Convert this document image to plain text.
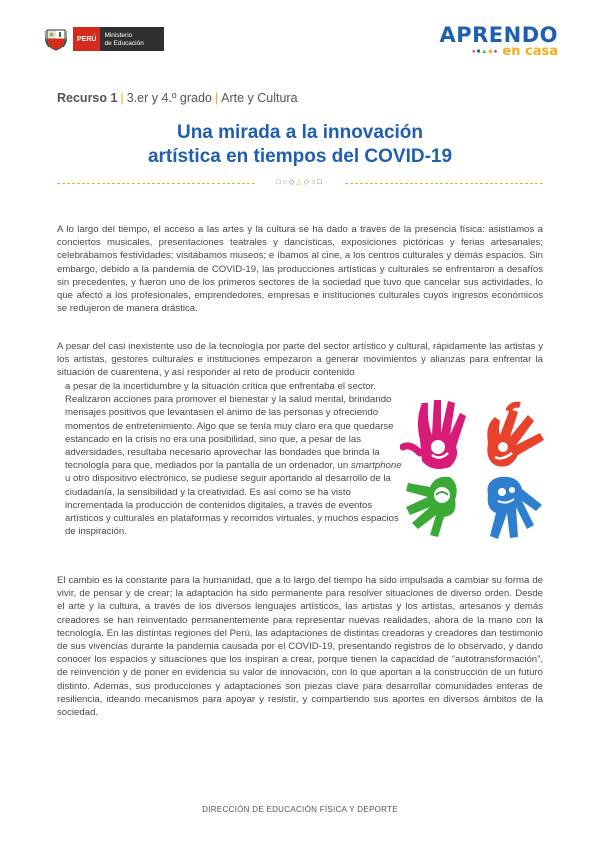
PERÚ	Ministerio
de Educación	APRENDO
●■▲◆● en casa
Recurso 1 | 3.er y 4.º grado | Arte y Cultura
Una mirada a la innovación
artística en tiempos del COVID-19
□○◇△◇○□

A lo largo del tiempo, el acceso a las artes y la cultura se ha dado a través de la presencia física: asistíamos a conciertos musicales, presentaciones teatrales y dancísticas, exposiciones pictóricas y ferias artesanales; celebrábamos festividades; visitábamos museos; e íbamos al cine, a los centros culturales y demás espacios. Sin embargo, debido a la pandemia de COVID-19, las producciones artísticas y culturales se enfrentaron a desafíos sin precedentes, y fueron uno de los primeros sectores de la sociedad que tuvo que cancelar sus actividades, lo que afectó a los profesionales, emprendedores, empresas e instituciones culturales cuyos ingresos económicos se redujeron de manera drástica.

A pesar del casi inexistente uso de la tecnología por parte del sector artístico y cultural, rápidamente las artistas y los artistas, gestores culturales e instituciones empezaron a generar movimientos y alianzas para enfrentar la situación de cuarentena, y así responder al reto de producir contenido

a pesar de la incertidumbre y la situación crítica que enfrentaba el sector. Realizaron acciones para promover el bienestar y la salud mental, brindando mensajes positivos que levantasen el ánimo de las personas y ofreciendo momentos de entretenimiento. Algo que se tenía muy claro era que quedarse estancado en la crisis no era una posibilidad, sino que, a pesar de las adversidades, resultaba necesario aprovechar las bondades que brinda la tecnología para que, mediados por la pantalla de un ordenador, un smartphone u otro dispositivo electrónico, se pudiese seguir aportando al desarrollo de la ciudadanía, la sensibilidad y la creatividad. Es así como se ha visto incrementada la producción de contenidos digitales, a través de eventos artísticos y culturales en plataformas y recorridos virtuales, y muchos espacios de inspiración.

El cambio es la constante para la humanidad, que a lo largo del tiempo ha sido impulsada a cambiar su forma de vivir, de pensar y de crear; la adaptación ha sido permanente para resolver situaciones de diverso orden. Desde el arte y la cultura, a través de los diversos lenguajes artísticos, las artistas y los artistas, artesanos y demás creadores se han reinventado permanentemente para representar nuevas realidades, ahora de la mano con la tecnología. En las distintas regiones del Perú, las adaptaciones de distintas creadoras y creadores dan testimonio de sus vivencias durante la pandemia causada por el COVID-19, presentando registros de lo observado, y dando conocer los espacios y situaciones que los inspiran a crear, porque tienen la capacidad de “autotransformación”, de reinvención y de poner en evidencia su valor de innovación, con lo que aportan a la construcción de un futuro distinto. Además, sus producciones y adaptaciones son piezas clave para desarrollar comunidades enteras de resiliencia, ideando mecanismos para apoyar y resistir, y compartiendo sus aportes en diversos ámbitos de la sociedad.

DIRECCIÓN DE EDUCACIÓN FÍSICA Y DEPORTE
